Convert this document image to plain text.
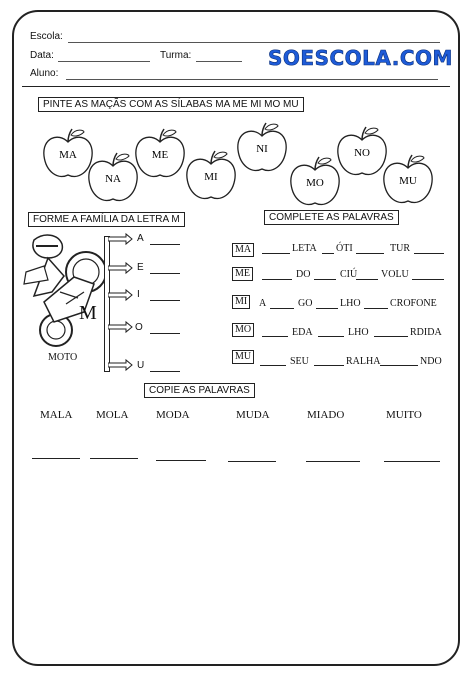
Escola:
Data:	Turma:	SOESCOLA.COM
Aluno:
PINTE AS MAÇÃS COM AS SÍLABAS MA ME MI MO MU
MA
NA
ME
MI
NI
MO
NO
MU
FORME A FAMÍLIA DA LETRA M
M
MOTO
A
E
I
O
U
COMPLETE AS PALAVRAS
MA	LETA ÓTI	TUR
ME	DO	CIÚ VOLU
MI	A	GO	LHO	CROFONE
MO	EDA	LHO	RDIDA
MU	SEU	RALHA	NDO
COPIE AS PALAVRAS
MALA MOLA	MODA	MUDA	MIADO	MUITO
